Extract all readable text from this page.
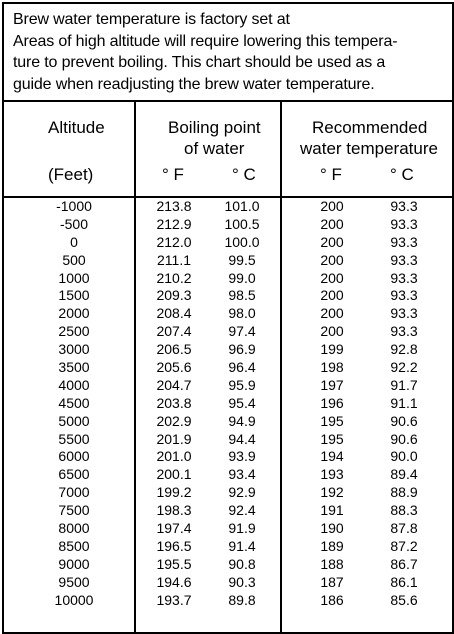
Brew water temperature is factory set at
Areas of high altitude will require lowering this tempera-
ture to prevent boiling. This chart should be used as a
guide when readjusting the brew water temperature.
Altitude
(Feet)
Boiling point
of water
° F	° C
Recommended
water temperature
° F	° C
-1000	213.8	101.0	200	93.3
-500	212.9	100.5	200	93.3
0	212.0	100.0	200	93.3
500	211.1	99.5	200	93.3
1000	210.2	99.0	200	93.3
1500	209.3	98.5	200	93.3
2000	208.4	98.0	200	93.3
2500	207.4	97.4	200	93.3
3000	206.5	96.9	199	92.8
3500	205.6	96.4	198	92.2
4000	204.7	95.9	197	91.7
4500	203.8	95.4	196	91.1
5000	202.9	94.9	195	90.6
5500	201.9	94.4	195	90.6
6000	201.0	93.9	194	90.0
6500	200.1	93.4	193	89.4
7000	199.2	92.9	192	88.9
7500	198.3	92.4	191	88.3
8000	197.4	91.9	190	87.8
8500	196.5	91.4	189	87.2
9000	195.5	90.8	188	86.7
9500	194.6	90.3	187	86.1
10000	193.7	89.8	186	85.6
